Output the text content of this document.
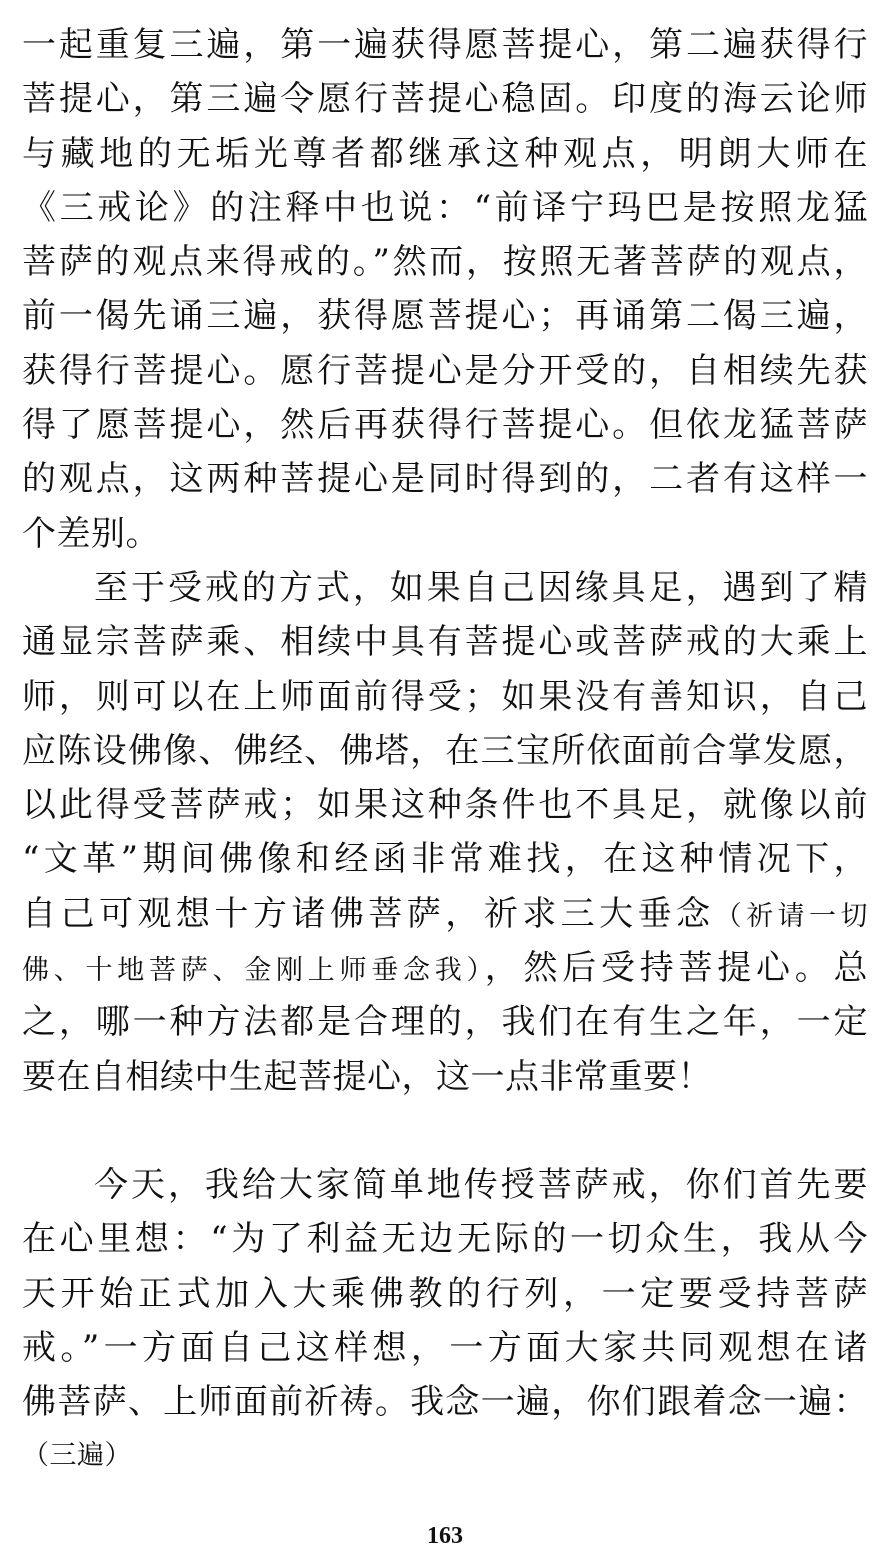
一起重复三遍，第一遍获得愿菩提心，第二遍获得行
菩提心，第三遍令愿行菩提心稳固。印度的海云论师
与藏地的无垢光尊者都继承这种观点，明朗大师在
《三戒论》的注释中也说：“前译宁玛巴是按照龙猛
菩萨的观点来得戒的。”然而，按照无著菩萨的观点，
前一偈先诵三遍，获得愿菩提心；再诵第二偈三遍，
获得行菩提心。愿行菩提心是分开受的，自相续先获
得了愿菩提心，然后再获得行菩提心。但依龙猛菩萨
的观点，这两种菩提心是同时得到的，二者有这样一
个差别。
至于受戒的方式，如果自己因缘具足，遇到了精
通显宗菩萨乘、相续中具有菩提心或菩萨戒的大乘上
师，则可以在上师面前得受；如果没有善知识，自己
应陈设佛像、佛经、佛塔，在三宝所依面前合掌发愿，
以此得受菩萨戒；如果这种条件也不具足，就像以前
“文革”期间佛像和经函非常难找，在这种情况下，
自己可观想十方诸佛菩萨，祈求三大垂念（祈请一切
佛、十地菩萨、金刚上师垂念我），然后受持菩提心。总
之，哪一种方法都是合理的，我们在有生之年，一定
要在自相续中生起菩提心，这一点非常重要！
今天，我给大家简单地传授菩萨戒，你们首先要
在心里想：“为了利益无边无际的一切众生，我从今
天开始正式加入大乘佛教的行列，一定要受持菩萨
戒。”一方面自己这样想，一方面大家共同观想在诸
佛菩萨、上师面前祈祷。我念一遍，你们跟着念一遍：
（三遍）
163
